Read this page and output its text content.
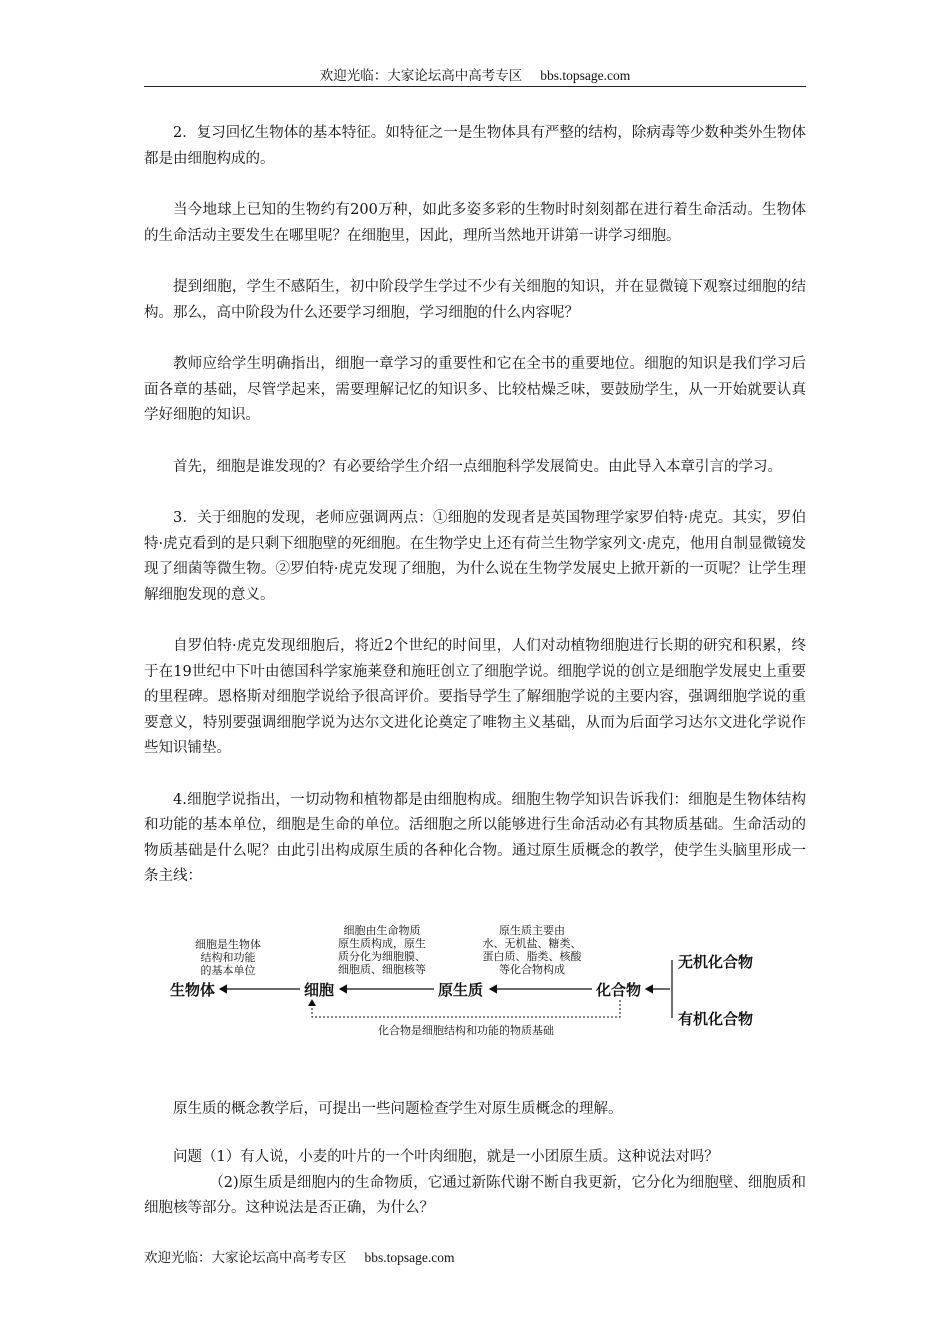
欢迎光临：大家论坛高中高考专区 bbs.topsage.com

2．复习回忆生物体的基本特征。如特征之一是生物体具有严整的结构，除病毒等少数种类外生物体都是由细胞构成的。

当今地球上已知的生物约有200万种，如此多姿多彩的生物时时刻刻都在进行着生命活动。生物体的生命活动主要发生在哪里呢？在细胞里，因此，理所当然地开讲第一讲学习细胞。

提到细胞，学生不感陌生，初中阶段学生学过不少有关细胞的知识，并在显微镜下观察过细胞的结构。那么，高中阶段为什么还要学习细胞，学习细胞的什么内容呢？

教师应给学生明确指出，细胞一章学习的重要性和它在全书的重要地位。细胞的知识是我们学习后面各章的基础，尽管学起来，需要理解记忆的知识多、比较枯燥乏味，要鼓励学生，从一开始就要认真学好细胞的知识。

首先，细胞是谁发现的？有必要给学生介绍一点细胞科学发展简史。由此导入本章引言的学习。

3．关于细胞的发现，老师应强调两点：①细胞的发现者是英国物理学家罗伯特·虎克。其实，罗伯特·虎克看到的是只剩下细胞壁的死细胞。在生物学史上还有荷兰生物学家列文·虎克，他用自制显微镜发现了细菌等微生物。②罗伯特·虎克发现了细胞，为什么说在生物学发展史上掀开新的一页呢？让学生理解细胞发现的意义。

自罗伯特·虎克发现细胞后，将近2个世纪的时间里，人们对动植物细胞进行长期的研究和积累，终于在19世纪中下叶由德国科学家施莱登和施旺创立了细胞学说。细胞学说的创立是细胞学发展史上重要的里程碑。恩格斯对细胞学说给予很高评价。要指导学生了解细胞学说的主要内容，强调细胞学说的重要意义，特别要强调细胞学说为达尔文进化论奠定了唯物主义基础，从而为后面学习达尔文进化学说作些知识铺垫。

4.细胞学说指出，一切动物和植物都是由细胞构成。细胞生物学知识告诉我们：细胞是生物体结构和功能的基本单位，细胞是生命的单位。活细胞之所以能够进行生命活动必有其物质基础。生命活动的物质基础是什么呢？由此引出构成原生质的各种化合物。通过原生质概念的教学，使学生头脑里形成一条主线：

细胞是生物体
结构和功能
的基本单位
细胞由生命物质
原生质构成，原生
质分化为细胞膜、
细胞质、细胞核等
原生质主要由
水、无机盐、糖类、
蛋白质、脂类、核酸
等化合物构成
生物体	细胞	原生质	化合物
无机化合物
有机化合物
化合物是细胞结构和功能的物质基础

原生质的概念教学后，可提出一些问题检查学生对原生质概念的理解。

问题（1）有人说，小麦的叶片的一个叶肉细胞，就是一小团原生质。这种说法对吗？

（2)原生质是细胞内的生命物质，它通过新陈代谢不断自我更新，它分化为细胞壁、细胞质和细胞核等部分。这种说法是否正确，为什么？

欢迎光临：大家论坛高中高考专区 bbs.topsage.com
